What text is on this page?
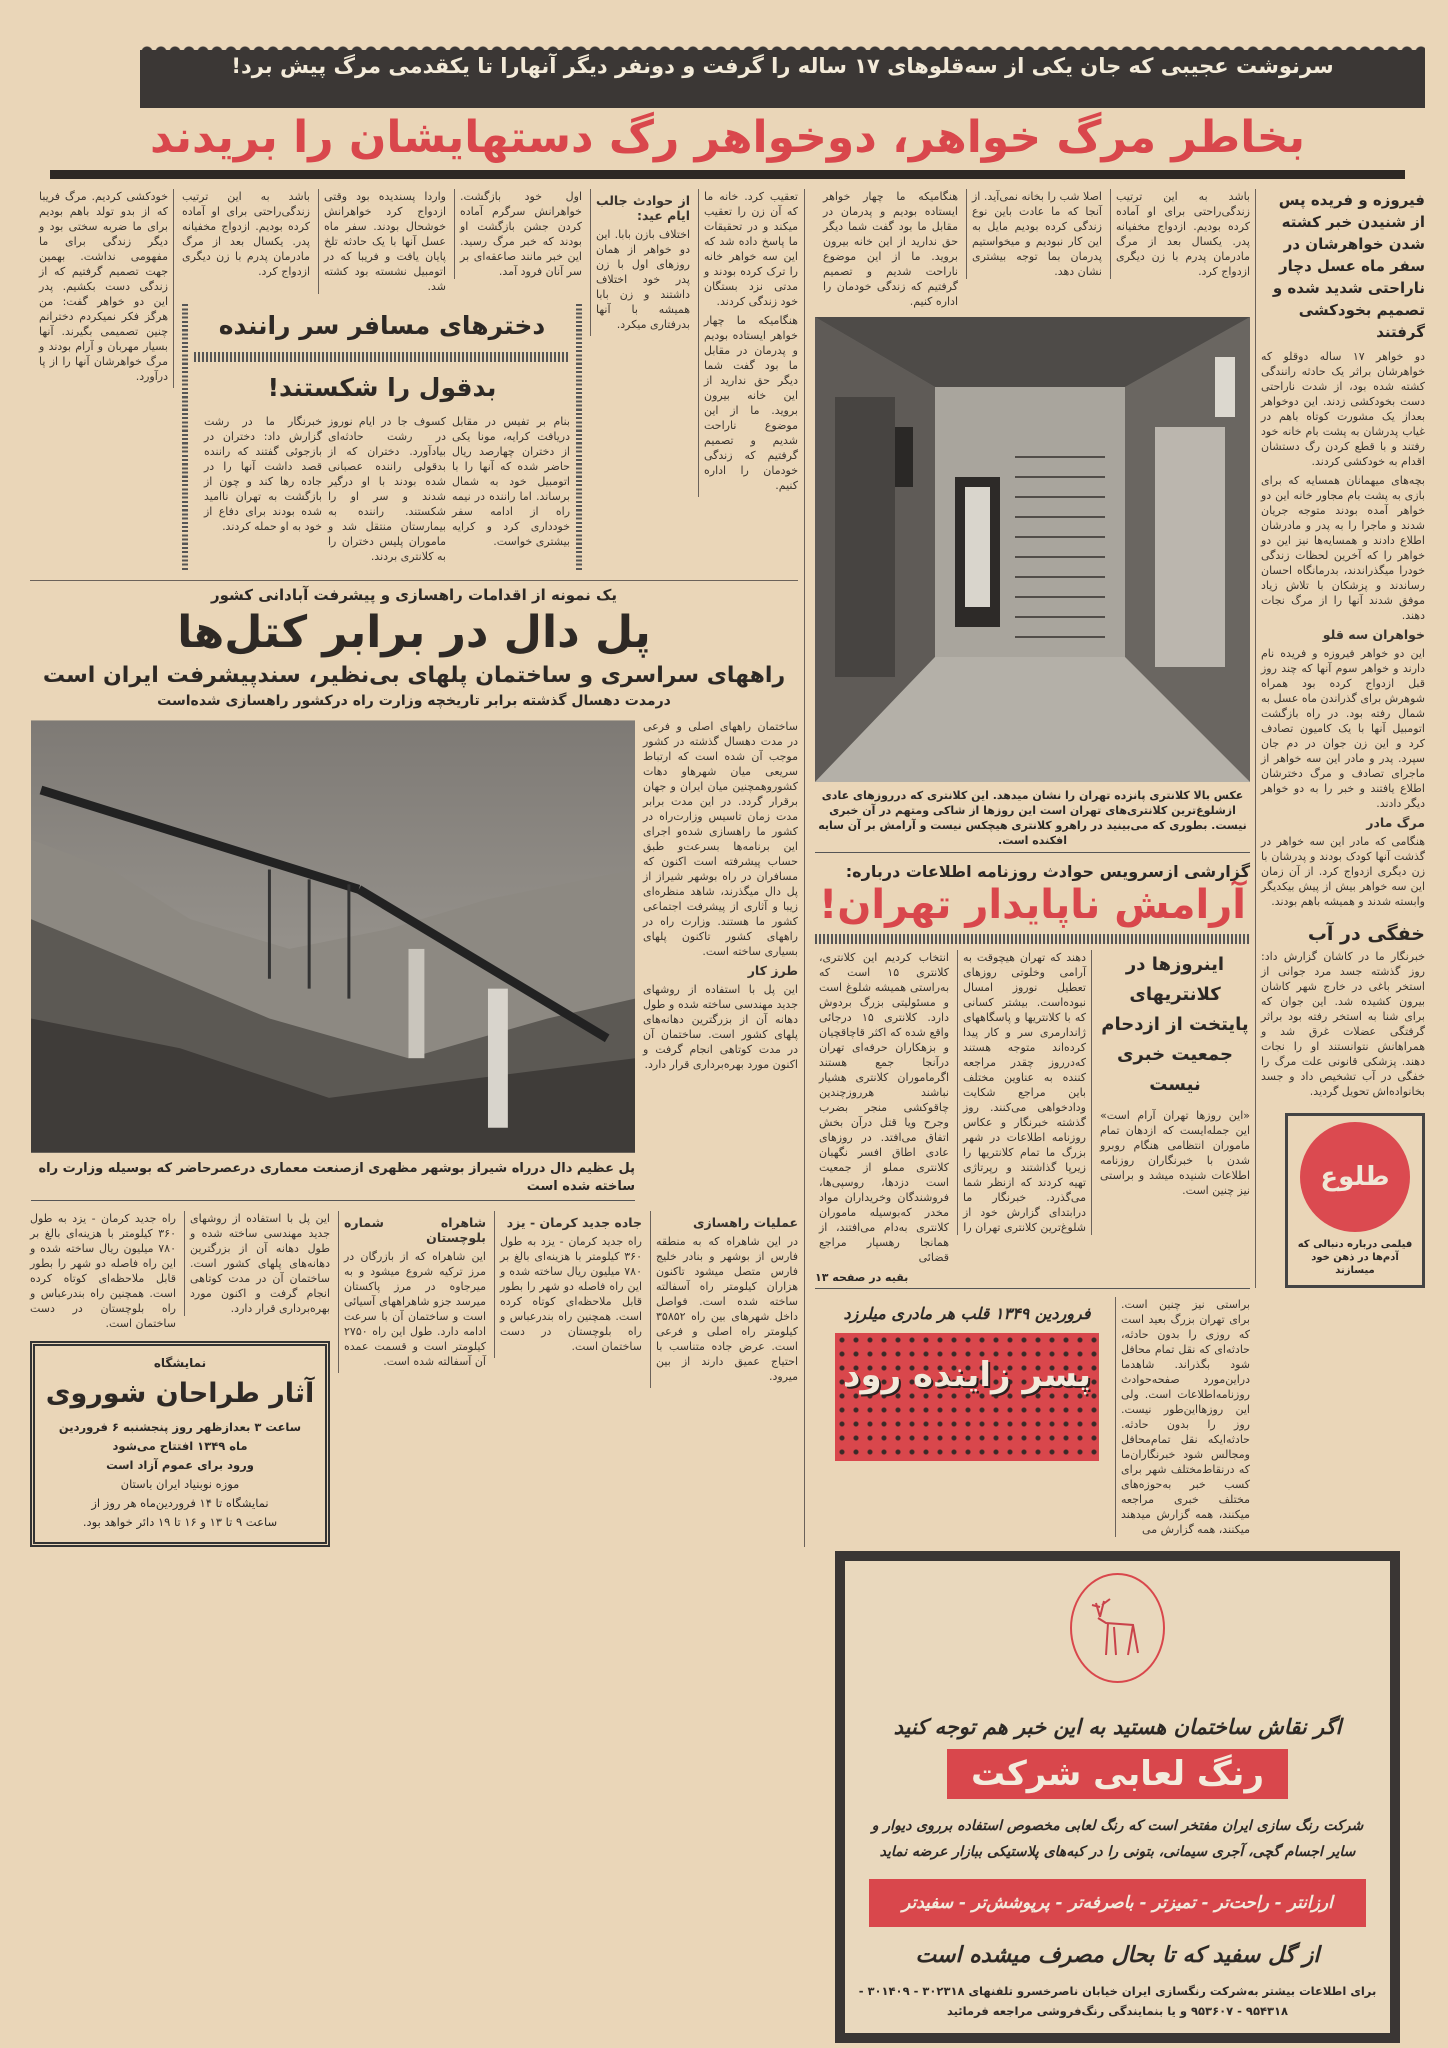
سرنوشت عجیبی که جان یکی از سه‌قلوهای ۱۷ ساله را گرفت و دونفر دیگر آنهارا تا یکقدمی مرگ پیش برد!
بخاطر مرگ خواهر، دوخواهر رگ دستهایشان را بریدند
فیروزه و فریده پس از شنیدن خبر کشته شدن خواهرشان در سفر ماه عسل دچار ناراحتی شدید شده و تصمیم بخودکشی گرفتند

دو خواهر ۱۷ ساله دوقلو که خواهرشان براثر یک حادثه رانندگی کشته شده بود، از شدت ناراحتی دست بخودکشی زدند. این دوخواهر بعداز یک مشورت کوتاه باهم در غیاب پدرشان به پشت بام خانه خود رفتند و با قطع کردن رگ دستشان اقدام به خودکشی کردند.

بچه‌های میهمانان همسایه که برای بازی به پشت بام مجاور خانه این دو خواهر آمده بودند متوجه جریان شدند و ماجرا را به پدر و مادرشان اطلاع دادند و همسایه‌ها نیز این دو خواهر را که آخرین لحظات زندگی خودرا میگذراندند، بدرمانگاه احسان رساندند و پزشکان با تلاش زیاد موفق شدند آنها را از مرگ نجات دهند.

خواهران سه قلو

این دو خواهر فیروزه و فریده نام دارند و خواهر سوم آنها که چند روز قبل ازدواج کرده بود همراه شوهرش برای گذراندن ماه عسل به شمال رفته بود. در راه بازگشت اتومبیل آنها با یک کامیون تصادف کرد و این زن جوان در دم جان سپرد. پدر و مادر این سه خواهر از ماجرای تصادف و مرگ دخترشان اطلاع یافتند و خبر را به دو خواهر دیگر دادند.

مرگ مادر

هنگامی که مادر این سه خواهر در گذشت آنها کودک بودند و پدرشان با زن دیگری ازدواج کرد. از آن زمان این سه خواهر بیش از پیش بیکدیگر وابسته شدند و همیشه باهم بودند.

خفگی در آب
خبرنگار ما در کاشان گزارش داد: روز گذشته جسد مرد جوانی از استخر باغی در خارج شهر کاشان بیرون کشیده شد. این جوان که برای شنا به استخر رفته بود براثر گرفتگی عضلات غرق شد و همراهانش نتوانستند او را نجات دهند. پزشکی قانونی علت مرگ را خفگی در آب تشخیص داد و جسد بخانواده‌اش تحویل گردید.
طلوع
فیلمی درباره دنبالی که آدم‌ها در ذهن خود میسازند
باشد به این ترتیب زندگی‌راحتی برای او آماده کرده بودیم. ازدواج مخفیانه پدر. یکسال بعد از مرگ مادرمان پدرم با زن دیگری ازدواج کرد.
اصلا شب را بخانه نمی‌آید. از آنجا که ما عادت باین نوع زندگی کرده بودیم مایل به این کار نبودیم و میخواستیم پدرمان بما توجه بیشتری نشان دهد.
هنگامیکه ما چهار خواهر ایستاده بودیم و پدرمان در مقابل ما بود گفت شما دیگر حق ندارید از این خانه بیرون بروید. ما از این موضوع ناراحت شدیم و تصمیم گرفتیم که زندگی خودمان را اداره کنیم.
عکس بالا کلانتری پانزده تهران را نشان میدهد. این کلانتری که درروزهای عادی ازشلوغ‌ترین کلانتری‌های تهران است این روزها از شاکی ومتهم در آن خبری نیست. بطوری که می‌بینید در راهرو کلانتری هیچکس نیست و آرامش بر آن سایه افکنده است.
گزارشی ازسرویس حوادث روزنامه اطلاعات درباره:
آرامش ناپایدار تهران!
اینروزها در کلانتریهای پایتخت از ازدحام جمعیت خبری نیست
«این روزها تهران آرام است» این جمله‌ایست که ازدهان تمام ماموران انتظامی هنگام روبرو شدن با خبرنگاران روزنامه اطلاعات شنیده میشد و براستی نیز چنین است.
دهند که تهران هیچوقت به آرامی وخلوتی روزهای تعطیل نوروز امسال نبوده‌است. بیشتر کسانی که با کلانتریها و پاسگاههای ژاندارمری سر و کار پیدا کرده‌اند متوجه هستند که‌درروز چقدر مراجعه کننده به عناوین مختلف باین مراجع شکایت ودادخواهی می‌کنند. روز گذشته خبرنگار و عکاس روزنامه اطلاعات در شهر بزرگ ما تمام کلانتریها را زیرپا گذاشتند و رپرتاژی تهیه کردند که ازنظر شما می‌گذرد. خبرنگار ما درابتدای گزارش خود از شلوغ‌ترین کلانتری تهران را
انتخاب کردیم این کلانتری، کلانتری ۱۵ است که به‌راستی همیشه شلوغ است و مسئولیتی بزرگ بردوش دارد. کلانتری ۱۵ درجائی واقع شده که اکثر قاچاقچیان و بزهکاران حرفه‌ای تهران درآنجا جمع هستند اگرماموران کلانتری هشیار نباشند هرروزچندین چاقوکشی منجر بضرب وجرح ویا قتل درآن بخش اتفاق می‌افتد. در روزهای عادی اطاق افسر نگهبان کلانتری مملو از جمعیت است دزدها، روسپی‌ها، فروشندگان وخریداران مواد مخدر که‌بوسیله ماموران کلانتری به‌دام می‌افتند، از همانجا رهسپار مراجع قضائی
بقیه در صفحه ۱۳
براستی نیز چنین است. برای تهران بزرگ بعید است که روزی را بدون حادثه، حادثه‌ای که نقل تمام محافل شود بگذراند. شاهدما دراین‌مورد صفحه‌حوادث روزنامه‌اطلاعات است. ولی این روزهااین‌طور نیست. روز را بدون حادثه. حادثه‌ایکه نقل تمام‌محافل ومجالس شود خبرنگاران‌ما که درنقاط‌مختلف شهر برای کسب خبر به‌حوزه‌های مختلف خبری مراجعه میکنند، همه گزارش میدهند میکنند، همه گزارش می
فروردین ۱۳۴۹ قلب هر مادری میلرزد
پسر زاینده رود
اگر نقاش ساختمان هستید به این خبر هم توجه کنید
رنگ لعابی شرکت
شرکت رنگ سازی ایران مفتخر است که رنگ لعابی مخصوص استفاده برروی دیوار و سایر اجسام گچی، آجری سیمانی، بتونی را در کبه‌های پلاستیکی ببازار عرضه نماید
ارزانتر - راحت‌تر - تمیزتر - باصرفه‌تر - پرپوشش‌تر - سفیدتر
از گل سفید که تا بحال مصرف میشده است
برای اطلاعات بیشتر به‌شرکت رنگسازی ایران خیابان ناصرخسرو تلفنهای ۳۰۲۳۱۸ - ۳۰۱۴۰۹ - ۹۵۴۳۱۸ - ۹۵۳۶۰۷ و یا بنمایندگی رنگ‌فروشی مراجعه فرمائید

تعقیب کرد. خانه ما که آن زن را تعقیب میکند و در تحقیقات ما پاسخ داده شد که این سه خواهر خانه را ترک کرده بودند و مدتی نزد بستگان خود زندگی کردند.

هنگامیکه ما چهار خواهر ایستاده بودیم و پدرمان در مقابل ما بود گفت شما دیگر حق ندارید از این خانه بیرون بروید. ما از این موضوع ناراحت شدیم و تصمیم گرفتیم که زندگی خودمان را اداره کنیم.

از حوادث جالب ایام عید:

اختلاف بازن بابا. این دو خواهر از همان روزهای اول با زن پدر خود اختلاف داشتند و زن بابا همیشه با آنها بدرفتاری میکرد.

اول خود بازگشت. خواهرانش سرگرم آماده کردن جشن بازگشت او بودند که خبر مرگ رسید. این خبر مانند صاعقه‌ای بر سر آنان فرود آمد.
واردا پسندیده بود وقتی ازدواج کرد خواهرانش خوشحال بودند. سفر ماه عسل آنها با یک حادثه تلخ پایان یافت و فریبا که در اتومبیل نشسته بود کشته شد.
باشد به این ترتیب زندگی‌راحتی برای او آماده کرده بودیم. ازدواج مخفیانه پدر. یکسال بعد از مرگ مادرمان پدرم با زن دیگری ازدواج کرد.
دخترهای مسافر سر راننده
بدقول را شکستند!
بنام بر تفیس در مقابل دریافت کرایه، مونا یکی از دختران چهارصد ریال حاضر شده که آنها را با اتومبیل خود به شمال برساند. اما راننده در نیمه راه از ادامه سفر خودداری کرد و کرایه بیشتری خواست.
کسوف جا در ایام نوروز در رشت حادثه‌ای بیادآورد. دختران که از بدقولی راننده عصبانی شده بودند با او درگیر شدند و سر او را شکستند. راننده به بیمارستان منتقل شد و ماموران پلیس دختران را به کلانتری بردند.
خبرنگار ما در رشت گزارش داد: دختران در بازجوئی گفتند که راننده قصد داشت آنها را در جاده رها کند و چون از بازگشت به تهران ناامید شده بودند برای دفاع از خود به او حمله کردند.

خودکشی کردیم. مرگ فریبا که از بدو تولد باهم بودیم برای ما ضربه سختی بود و دیگر زندگی برای ما مفهومی نداشت. بهمین جهت تصمیم گرفتیم که از زندگی دست بکشیم. پدر این دو خواهر گفت: من هرگز فکر نمیکردم دخترانم چنین تصمیمی بگیرند. آنها بسیار مهربان و آرام بودند و مرگ خواهرشان آنها را از پا درآورد.

یک نمونه از اقدامات راهسازی و پیشرفت آبادانی کشور
پل دال در برابر کتل‌ها
راههای سراسری و ساختمان پلهای بی‌نظیر، سندپیشرفت ایران است
درمدت دهسال گذشته برابر تاریخچه وزارت راه درکشور راهسازی شده‌است

ساختمان راههای اصلی و فرعی در مدت دهسال گذشته در کشور موجب آن شده است که ارتباط سریعی میان شهرهاو دهات کشوروهمچنین میان ایران و جهان برقرار گردد. در این مدت برابر مدت زمان تاسیس وزارت‌راه در کشور ما راهسازی شده‌و اجرای این برنامه‌ها بسرعت‌و طبق حساب پیشرفته است اکنون که مسافران در راه بوشهر شیراز از پل دال میگذرند، شاهد منظره‌ای زیبا و آثاری از پیشرفت اجتماعی کشور ما هستند. وزارت راه در راههای کشور تاکنون پلهای بسیاری ساخته است.

طرز کار

این پل با استفاده از روشهای جدید مهندسی ساخته شده و طول دهانه آن از بزرگترین دهانه‌های پلهای کشور است. ساختمان آن در مدت کوتاهی انجام گرفت و اکنون مورد بهره‌برداری قرار دارد.

پل عظیم دال درراه شیراز بوشهر مظهری ازصنعت معماری درعصرحاضر که بوسیله وزارت راه ساخته شده است
عملیات راهسازی

در این شاهراه که به منطقه فارس از بوشهر و بنادر خلیج فارس متصل میشود تاکنون هزاران کیلومتر راه آسفالته ساخته شده است. فواصل داخل شهرهای بین راه ۳۵۸۵۲ کیلومتر راه اصلی و فرعی است. عرض جاده متناسب با احتیاج عمیق دارند از بین میرود.

جاده جدید کرمان - یزد

راه جدید کرمان - یزد به طول ۳۶۰ کیلومتر با هزینه‌ای بالغ بر ۷۸۰ میلیون ریال ساخته شده و این راه فاصله دو شهر را بطور قابل ملاحظه‌ای کوتاه کرده است. همچنین راه بندرعباس و راه بلوچستان در دست ساختمان است.

شاهراه شماره بلوچستان

این شاهراه که از بازرگان در مرز ترکیه شروع میشود و به میرجاوه در مرز پاکستان میرسد جزو شاهراههای آسیائی است و ساختمان آن با سرعت ادامه دارد. طول این راه ۲۷۵۰ کیلومتر است و قسمت عمده آن آسفالته شده است.

این پل با استفاده از روشهای جدید مهندسی ساخته شده و طول دهانه آن از بزرگترین دهانه‌های پلهای کشور است. ساختمان آن در مدت کوتاهی انجام گرفت و اکنون مورد بهره‌برداری قرار دارد.
راه جدید کرمان - یزد به طول ۳۶۰ کیلومتر با هزینه‌ای بالغ بر ۷۸۰ میلیون ریال ساخته شده و این راه فاصله دو شهر را بطور قابل ملاحظه‌ای کوتاه کرده است. همچنین راه بندرعباس و راه بلوچستان در دست ساختمان است.
نمایشگاه
آثار طراحان شوروی
ساعت ۳ بعدازظهر روز پنجشنبه ۶ فروردین
ماه ۱۳۴۹ افتتاح می‌شود
ورود برای عموم آزاد است
موزه نوبنیاد ایران باستان
نمایشگاه تا ۱۴ فروردین‌ماه هر روز از
ساعت ۹ تا ۱۳ و ۱۶ تا ۱۹ دائر خواهد بود.
